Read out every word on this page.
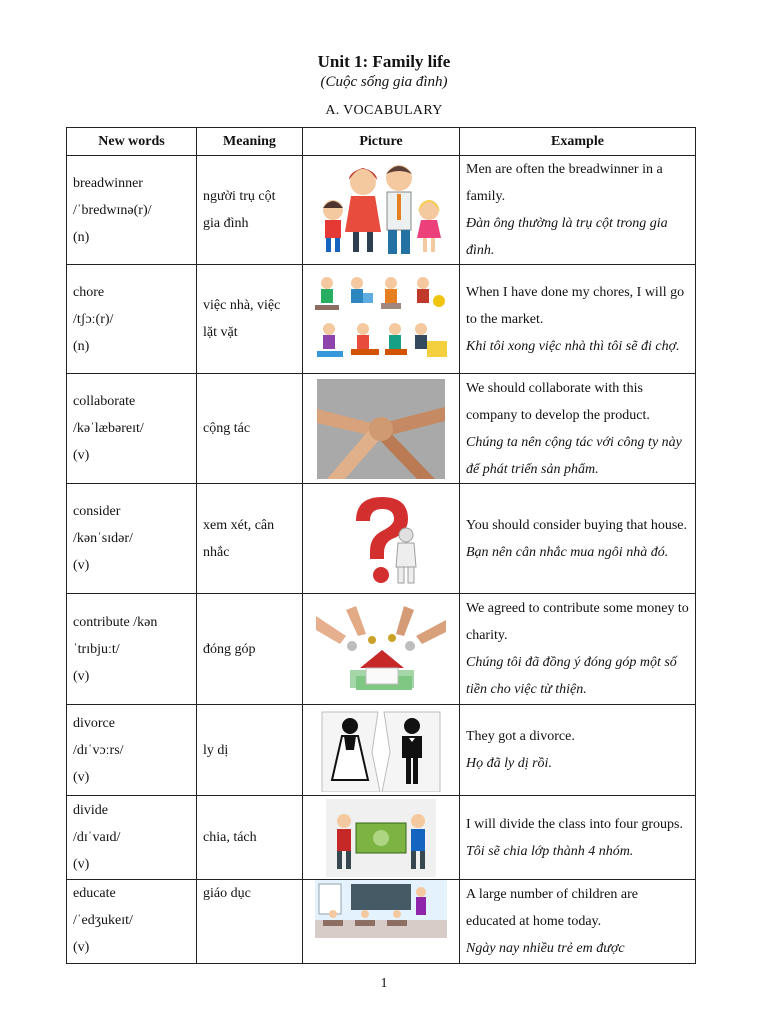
Unit 1: Family life
(Cuộc sống gia đình)
A. VOCABULARY
New words	Meaning	Picture	Example

breadwinner
/ˈbredwɪnə(r)/
(n)	người trụ cột gia đình		Men are often the breadwinner in a family.
Đàn ông thường là trụ cột trong gia đình.

chore
/tʃɔː(r)/
(n)	việc nhà, việc lặt vặt		When I have done my chores, I will go to the market.
Khi tôi xong việc nhà thì tôi sẽ đi chợ.

collaborate
/kəˈlæbəreɪt/
(v)	cộng tác		We should collaborate with this company to develop the product.
Chúng ta nên cộng tác với công ty này để phát triển sản phẩm.

consider
/kənˈsɪdər/
(v)	xem xét, cân nhắc		You should consider buying that house.
Bạn nên cân nhắc mua ngôi nhà đó.

contribute /kən
ˈtrɪbjuːt/
(v)	đóng góp		We agreed to contribute some money to charity.
Chúng tôi đã đồng ý đóng góp một số tiền cho việc từ thiện.

divorce
/dɪˈvɔːrs/
(v)	ly dị		They got a divorce.
Họ đã ly dị rồi.

divide
/dɪˈvaɪd/
(v)	chia, tách		I will divide the class into four groups.
Tôi sẽ chia lớp thành 4 nhóm.

educate
/ˈedʒukeɪt/
(v)	giáo dục		A large number of children are educated at home today.
Ngày nay nhiều trẻ em được
1
